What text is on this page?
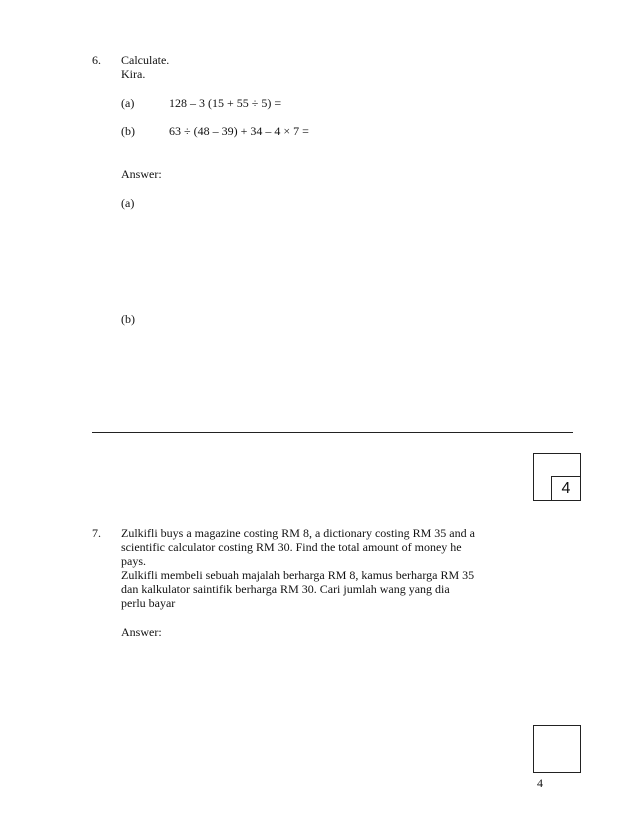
6. Calculate.
Kira.
(a)	128 – 3 (15 + 55 ÷ 5) =
(b)	63 ÷ (48 – 39) + 34 – 4 × 7 =
Answer:
(a)
(b)
4
7. Zulkifli buys a magazine costing RM 8, a dictionary costing RM 35 and a
scientific calculator costing RM 30. Find the total amount of money he
pays.
Zulkifli membeli sebuah majalah berharga RM 8, kamus berharga RM 35
dan kalkulator saintifik berharga RM 30. Cari jumlah wang yang dia
perlu bayar
Answer:
4
